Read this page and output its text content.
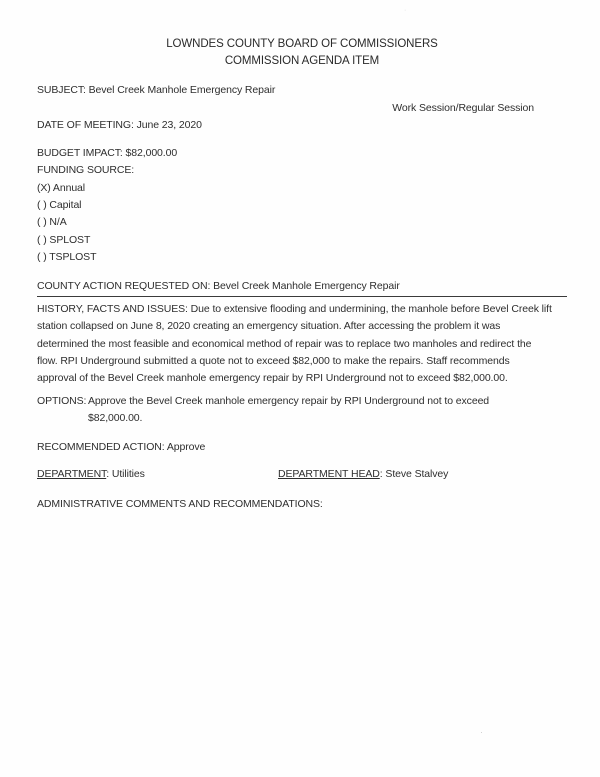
LOWNDES COUNTY BOARD OF COMMISSIONERS
COMMISSION AGENDA ITEM
SUBJECT: Bevel Creek Manhole Emergency Repair
Work Session/Regular Session
DATE OF MEETING: June 23, 2020
BUDGET IMPACT: $82,000.00
FUNDING SOURCE:
(X) Annual
( ) Capital
( ) N/A
( ) SPLOST
( ) TSPLOST
COUNTY ACTION REQUESTED ON: Bevel Creek Manhole Emergency Repair
HISTORY, FACTS AND ISSUES: Due to extensive flooding and undermining, the manhole before Bevel Creek lift
station collapsed on June 8, 2020 creating an emergency situation. After accessing the problem it was
determined the most feasible and economical method of repair was to replace two manholes and redirect the
flow. RPI Underground submitted a quote not to exceed $82,000 to make the repairs. Staff recommends
approval of the Bevel Creek manhole emergency repair by RPI Underground not to exceed $82,000.00.
OPTIONS: Approve the Bevel Creek manhole emergency repair by RPI Underground not to exceed
$82,000.00.
RECOMMENDED ACTION: Approve
DEPARTMENT: Utilities	DEPARTMENT HEAD: Steve Stalvey
ADMINISTRATIVE COMMENTS AND RECOMMENDATIONS:
·
·
